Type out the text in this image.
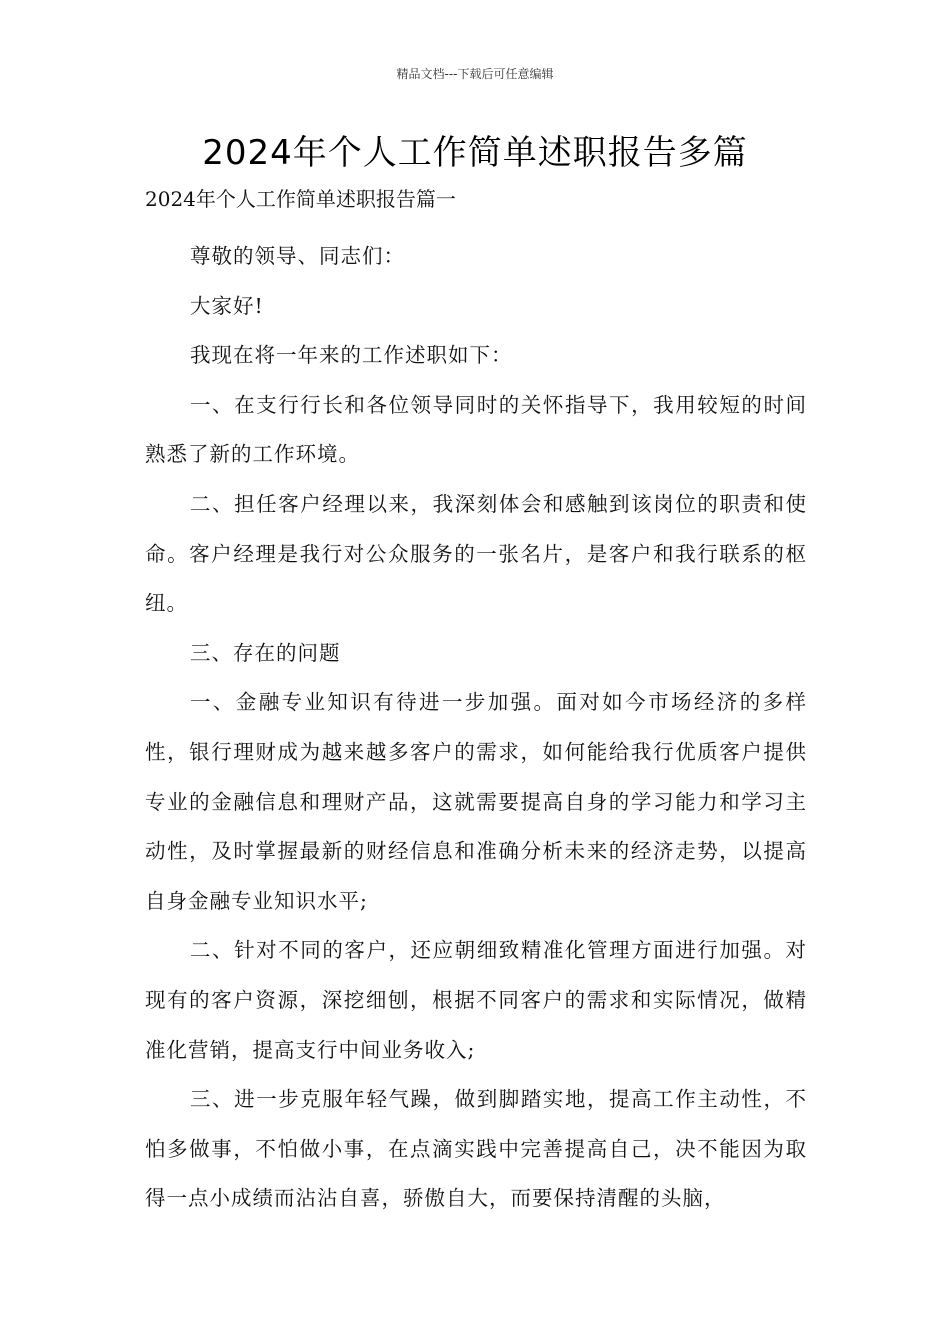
精品文档---下载后可任意编辑
2024年个人工作简单述职报告多篇
2024年个人工作简单述职报告篇一

尊敬的领导、同志们：

大家好!

我现在将一年来的工作述职如下：

一、在支行行长和各位领导同时的关怀指导下，我用较短的时间熟悉了新的工作环境。

二、担任客户经理以来，我深刻体会和感触到该岗位的职责和使命。客户经理是我行对公众服务的一张名片，是客户和我行联系的枢纽。

三、存在的问题

一、金融专业知识有待进一步加强。面对如今市场经济的多样性，银行理财成为越来越多客户的需求，如何能给我行优质客户提供专业的金融信息和理财产品，这就需要提高自身的学习能力和学习主动性，及时掌握最新的财经信息和准确分析未来的经济走势，以提高自身金融专业知识水平;

二、针对不同的客户，还应朝细致精准化管理方面进行加强。对现有的客户资源，深挖细刨，根据不同客户的需求和实际情况，做精准化营销，提高支行中间业务收入;

三、进一步克服年轻气躁，做到脚踏实地，提高工作主动性，不怕多做事，不怕做小事，在点滴实践中完善提高自己，决不能因为取得一点小成绩而沾沾自喜，骄傲自大，而要保持清醒的头脑，
